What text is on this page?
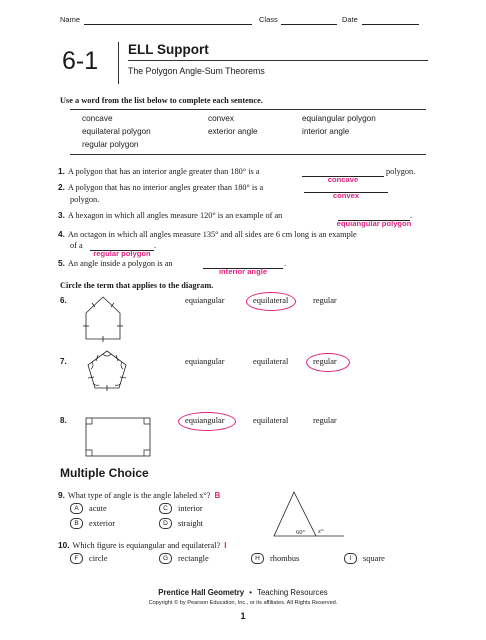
Name	Class	Date
6-1 ELL Support
The Polygon Angle-Sum Theorems
Use a word from the list below to complete each sentence.
concave	convex	equiangular polygon
equilateral polygon	exterior angle	interior angle
regular polygon
1. A polygon that has an interior angle greater than 180° is a
concave
polygon.
2. A polygon that has no interior angles greater than 180° is a
convex
polygon.
3. A hexagon in which all angles measure 120° is an example of an
equiangular polygon
.
4. An octagon in which all angles measure 135° and all sides are 6 cm long is an example
of a
regular polygon
.
5. An angle inside a polygon is an
interior angle
.
Circle the term that applies to the diagram.
6.	equiangular	equilateral	regular
7.	equiangular	equilateral	regular
8.	equiangular	equilateral	regular
Multiple Choice
9. What type of angle is the angle labeled x°? B
A acute	C interior
B exterior	D straight
60° x°
10. Which figure is equiangular and equilateral? I
F circle	G rectangle	H rhombus	I square
Prentice Hall Geometry • Teaching Resources
Copyright © by Pearson Education, Inc., or its affiliates. All Rights Reserved.
1
